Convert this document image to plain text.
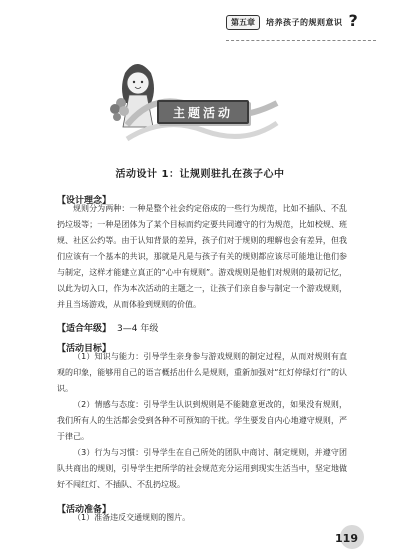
第五章	培养孩子的规则意识 ?
主题活动
活动设计 1：让规则驻扎在孩子心中
【设计理念】

规则分为两种：一种是整个社会约定俗成的一些行为规范，比如不插队、不乱扔垃圾等；一种是团体为了某个目标而约定要共同遵守的行为规范，比如校规、班规、社区公约等。由于认知背景的差异，孩子们对于规则的理解也会有差异，但我们应该有一个基本的共识，那就是凡是与孩子有关的规则都应该尽可能地让他们参与制定，这样才能建立真正的“心中有规则”。游戏规则是他们对规则的最初记忆，以此为切入口，作为本次活动的主题之一，让孩子们亲自参与制定一个游戏规则，并且当场游戏，从而体验到规则的价值。

【适合年级】 3—4 年级
【活动目标】

（1）知识与能力：引导学生亲身参与游戏规则的制定过程，从而对规则有直观的印象，能够用自己的语言概括出什么是规则，重新加强对“红灯停绿灯行”的认识。

（2）情感与态度：引导学生认识到规则是不能随意更改的，如果没有规则，我们所有人的生活都会受到各种不可预知的干扰。学生要发自内心地遵守规则，严于律己。

（3）行为与习惯：引导学生在自己所处的团队中商讨、制定规则，并遵守团队共商出的规则，引导学生把所学的社会规范充分运用到现实生活当中，坚定地做好不闯红灯、不插队、不乱扔垃圾。

【活动准备】

（1）准备违反交通规则的图片。

119
